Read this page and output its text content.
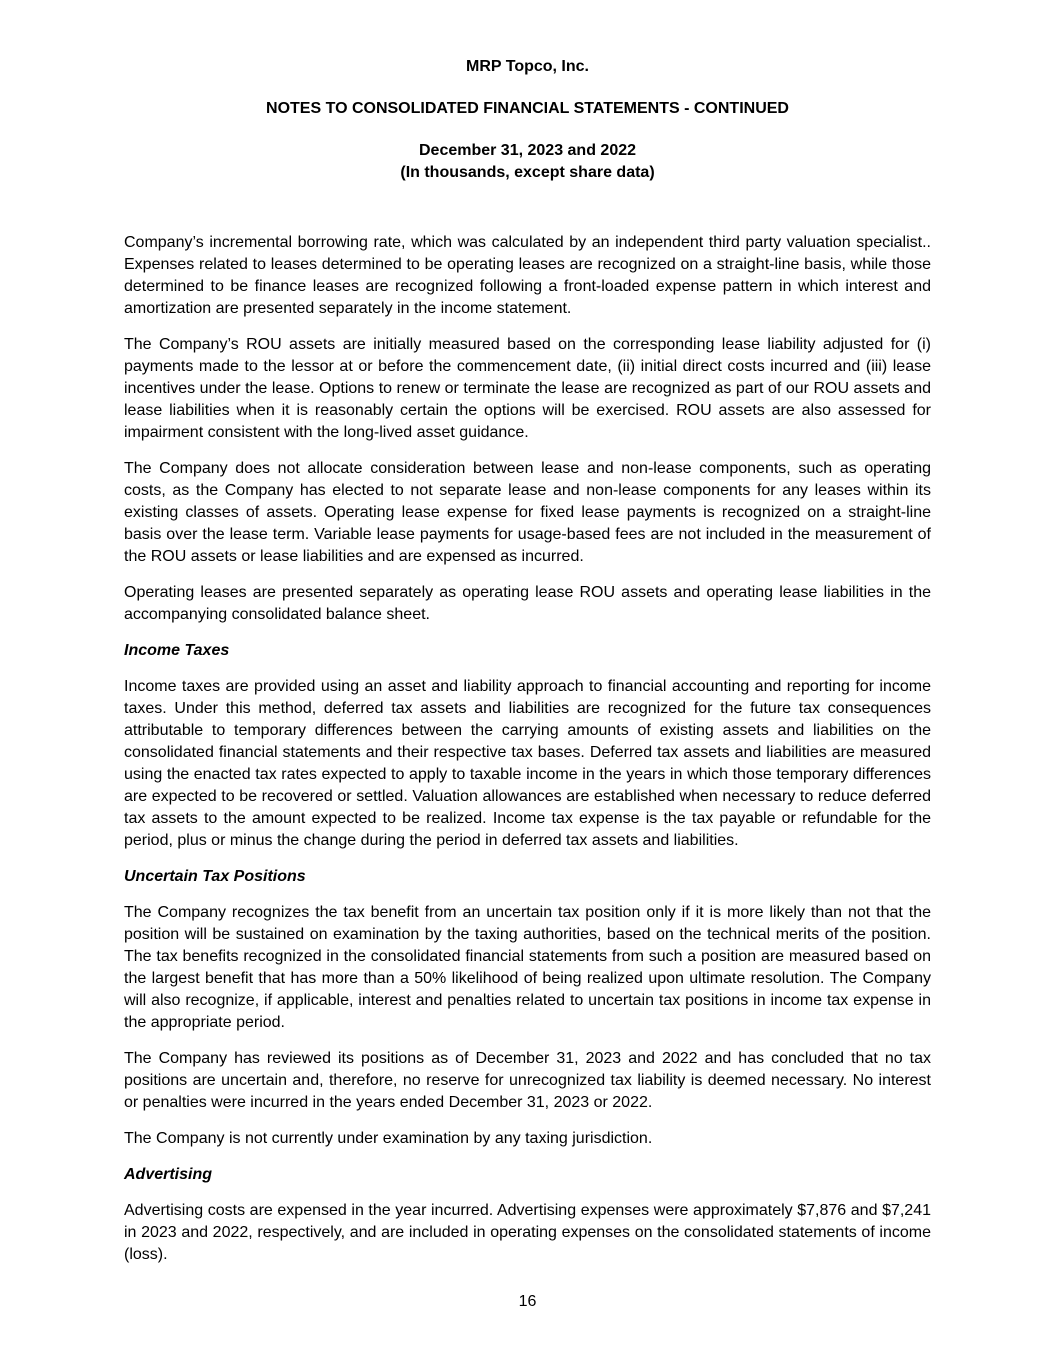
MRP Topco, Inc.

NOTES TO CONSOLIDATED FINANCIAL STATEMENTS - CONTINUED

December 31, 2023 and 2022

(In thousands, except share data)

Company’s incremental borrowing rate, which was calculated by an independent third party valuation specialist.. Expenses related to leases determined to be operating leases are recognized on a straight-line basis, while those determined to be finance leases are recognized following a front-loaded expense pattern in which interest and amortization are presented separately in the income statement.

The Company’s ROU assets are initially measured based on the corresponding lease liability adjusted for (i) payments made to the lessor at or before the commencement date, (ii) initial direct costs incurred and (iii) lease incentives under the lease. Options to renew or terminate the lease are recognized as part of our ROU assets and lease liabilities when it is reasonably certain the options will be exercised. ROU assets are also assessed for impairment consistent with the long-lived asset guidance.

The Company does not allocate consideration between lease and non-lease components, such as operating costs, as the Company has elected to not separate lease and non-lease components for any leases within its existing classes of assets. Operating lease expense for fixed lease payments is recognized on a straight-line basis over the lease term. Variable lease payments for usage-based fees are not included in the measurement of the ROU assets or lease liabilities and are expensed as incurred.

Operating leases are presented separately as operating lease ROU assets and operating lease liabilities in the accompanying consolidated balance sheet.

Income Taxes

Income taxes are provided using an asset and liability approach to financial accounting and reporting for income taxes. Under this method, deferred tax assets and liabilities are recognized for the future tax consequences attributable to temporary differences between the carrying amounts of existing assets and liabilities on the consolidated financial statements and their respective tax bases. Deferred tax assets and liabilities are measured using the enacted tax rates expected to apply to taxable income in the years in which those temporary differences are expected to be recovered or settled. Valuation allowances are established when necessary to reduce deferred tax assets to the amount expected to be realized. Income tax expense is the tax payable or refundable for the period, plus or minus the change during the period in deferred tax assets and liabilities.

Uncertain Tax Positions

The Company recognizes the tax benefit from an uncertain tax position only if it is more likely than not that the position will be sustained on examination by the taxing authorities, based on the technical merits of the position. The tax benefits recognized in the consolidated financial statements from such a position are measured based on the largest benefit that has more than a 50% likelihood of being realized upon ultimate resolution. The Company will also recognize, if applicable, interest and penalties related to uncertain tax positions in income tax expense in the appropriate period.

The Company has reviewed its positions as of December 31, 2023 and 2022 and has concluded that no tax positions are uncertain and, therefore, no reserve for unrecognized tax liability is deemed necessary. No interest or penalties were incurred in the years ended December 31, 2023 or 2022.

The Company is not currently under examination by any taxing jurisdiction.

Advertising

Advertising costs are expensed in the year incurred. Advertising expenses were approximately $7,876 and $7,241 in 2023 and 2022, respectively, and are included in operating expenses on the consolidated statements of income (loss).

16
